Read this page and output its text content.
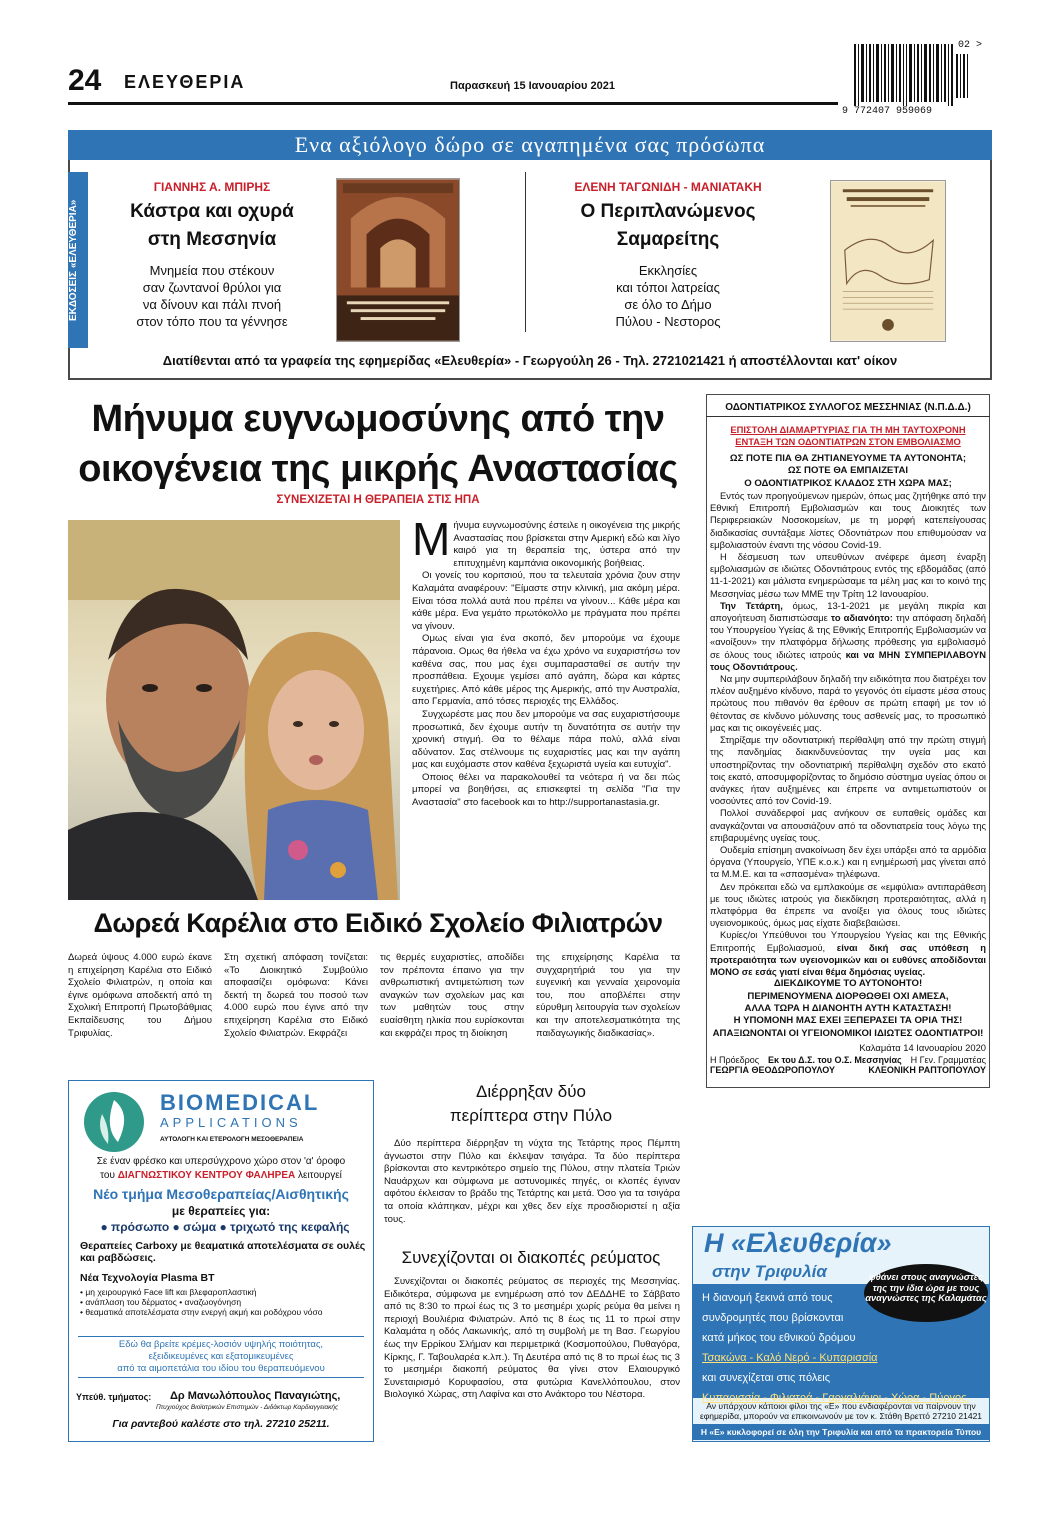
24 ΕΛΕΥΘΕΡΙΑ	Παρασκευή 15 Ιανουαρίου 2021
9 772407 959069
02 >
Ενα αξιόλογο δώρο σε αγαπημένα σας πρόσωπα
ΕΚΔΟΣΕΙΣ «ΕΛΕΥΘΕΡΙΑ»
ΓΙΑΝΝΗΣ Α. ΜΠΙΡΗΣ
Κάστρα και οχυρά
στη Μεσσηνία
Μνημεία που στέκουν
σαν ζωντανοί θρύλοι για
να δίνουν και πάλι πνοή
στον τόπο που τα γέννησε
ΕΛΕΝΗ ΤΑΓΩΝΙΔΗ - ΜΑΝΙΑΤΑΚΗ
Ο Περιπλανώμενος
Σαμαρείτης
Εκκλησίες
και τόποι λατρείας
σε όλο το Δήμο
Πύλου - Νεστορος
Διατίθενται από τα γραφεία της εφημερίδας «Ελευθερία» - Γεωργούλη 26 - Τηλ. 2721021421 ή αποστέλλονται κατ' οίκον
Μήνυμα ευγνωμοσύνης από την
οικογένεια της μικρής Αναστασίας
ΣΥΝΕΧΙΖΕΤΑΙ Η ΘΕΡΑΠΕΙΑ ΣΤΙΣ ΗΠΑ

Μήνυμα ευγνωμοσύνης έστειλε η οικογένεια της μικρής Αναστασίας που βρίσκεται στην Αμερική εδώ και λίγο καιρό για τη θεραπεία της, ύστερα από την επιτυχημένη καμπάνια οικονομικής βοήθειας.

Οι γονείς του κοριτσιού, που τα τελευταία χρόνια ζουν στην Καλαμάτα αναφέρουν: "Είμαστε στην κλινική, μια ακόμη μέρα. Είναι τόσα πολλά αυτά που πρέπει να γίνουν... Κάθε μέρα και κάθε μέρα. Ενα γεμάτο πρωτόκολλο με πράγματα που πρέπει να γίνουν.

Ομως είναι για ένα σκοπό, δεν μπορούμε να έχουμε πάρανοια. Ομως θα ήθελα να έχω χρόνο να ευχαριστήσω τον καθένα σας, που μας έχει συμπαρασταθεί σε αυτήν την προσπάθεια. Εχουμε γεμίσει από αγάπη, δώρα και κάρτες ευχετήριες. Από κάθε μέρος της Αμερικής, από την Αυστραλία, απο Γερμανία, από τόσες περιοχές της Ελλάδος.

Συγχωρέστε μας που δεν μπορούμε να σας ευχαριστήσουμε προσωπικά, δεν έχουμε αυτήν τη δυνατότητα σε αυτήν την χρονική στιγμή. Θα το θέλαμε πάρα πολύ, αλλά είναι αδύνατον. Σας στέλνουμε τις ευχαριστίες μας και την αγάπη μας και ευχόμαστε στον καθένα ξεχωριστά υγεία και ευτυχία".

Οποιος θέλει να παρακολουθεί τα νεότερα ή να δει πώς μπορεί να βοηθήσει, ας επισκεφτεί τη σελίδα "Για την Αναστασία" στο facebook και το http://supportanastasia.gr.

Δωρεά Καρέλια στο Ειδικό Σχολείο Φιλιατρών

Δωρεά ύψους 4.000 ευρώ έκανε η επιχείρηση Καρέλια στο Ειδικό Σχολείο Φιλιατρών, η οποία και έγινε ομόφωνα αποδεκτή από τη Σχολική Επιτροπή Πρωτοβάθμιας Εκπαίδευσης του Δήμου Τριφυλίας.

Στη σχετική απόφαση τονίζεται: «Το Διοικητικό Συμβούλιο αποφασίζει ομόφωνα: Κάνει δεκτή τη δωρεά του ποσού των 4.000 ευρώ που έγινε από την επιχείρηση Καρέλια στο Ειδικό Σχολείο Φιλιατρών. Εκφράζει

τις θερμές ευχαριστίες, αποδίδει τον πρέποντα έπαινο για την ανθρωπιστική αντιμετώπιση των αναγκών των σχολείων μας και των μαθητών τους στην ευαίσθητη ηλικία που ευρίσκονται και εκφράζει προς τη διοίκηση

της επιχείρησης Καρέλια τα συγχαρητήριά του για την ευγενική και γενναία χειρονομία του, που αποβλέπει στην εύρυθμη λειτουργία των σχολείων και την αποτελεσματικότητα της παιδαγωγικής διαδικασίας».

BIOMEDICAL
APPLICATIONS
ΑΥΤΟΛΟΓΗ ΚΑΙ ΕΤΕΡΟΛΟΓΗ ΜΕΣΟΘΕΡΑΠΕΙΑ
Σε έναν φρέσκο και υπερσύγχρονο χώρο στον 'α' όροφο
του ΔΙΑΓΝΩΣΤΙΚΟΥ ΚΕΝΤΡΟΥ ΦΑΛΗΡΕΑ λειτουργεί
Νέο τμήμα Μεσοθεραπείας/Αισθητικής
με θεραπείες για:
● πρόσωπο ● σώμα ● τριχωτό της κεφαλής
Θεραπείες Carboxy με θεαματικά αποτελέσματα σε ουλές και ραβδώσεις.
Νέα Τεχνολογία Plasma BT
• μη χειρουργικό Face lift και βλεφαροπλαστική
• ανάπλαση του δέρματος • αναζωογόνηση
• θεαματικά αποτελέσματα στην ενεργή ακμή και ροδόχρου νόσο
Εδώ θα βρείτε κρέμες-λοσιόν υψηλής ποιότητας,
εξειδικευμένες και εξατομικευμένες
από τα αιμοπετάλια του ιδίου του θεραπευόμενου
Υπεύθ. τμήματος: Δρ Μανωλόπουλος Παναγιώτης,
Πτυχιούχος Βιοϊατρικών Επιστημών - Διδάκτωρ Καρδιαγγειακής
Για ραντεβού καλέστε στο τηλ. 27210 25211.
Διέρρηξαν δύο
περίπτερα στην Πύλο

Δύο περίπτερα διέρρηξαν τη νύχτα της Τετάρτης προς Πέμπτη άγνωστοι στην Πύλο και έκλεψαν τσιγάρα. Τα δύο περίπτερα βρίσκονται στο κεντρικότερο σημείο της Πύλου, στην πλατεία Τριών Ναυάρχων και σύμφωνα με αστυνομικές πηγές, οι κλοπές έγιναν αφότου έκλεισαν το βράδυ της Τετάρτης και μετά. Όσο για τα τσιγάρα τα οποία κλάπηκαν, μέχρι και χθες δεν είχε προσδιοριστεί η αξία τους.

Συνεχίζονται οι διακοπές ρεύματος

Συνεχίζονται οι διακοπές ρεύματος σε περιοχές της Μεσσηνίας. Ειδικότερα, σύμφωνα με ενημέρωση από τον ΔΕΔΔΗΕ το Σάββατο από τις 8:30 το πρωί έως τις 3 το μεσημέρι χωρίς ρεύμα θα μείνει η περιοχή Βουλιέρια Φιλιατρών. Από τις 8 έως τις 11 το πρωί στην Καλαμάτα η οδός Λακωνικής, από τη συμβολή με τη Βασ. Γεωργίου έως την Ερρίκου Σλήμαν και περιμετρικά (Κοσμοπούλου, Πυθαγόρα, Κίρκης, Γ. Ταβουλαρέα κ.λπ.). Τη Δευτέρα από τις 8 το πρωί έως τις 3 το μεσημέρι διακοπή ρεύματος θα γίνει στον Ελαιουργικό Συνεταιρισμό Κορυφασίου, στα φυτώρια Κανελλόπουλου, στον Βιολογικό Χώρας, στη Λαφίνα και στο Ανάκτορο του Νέστορα.

ΟΔΟΝΤΙΑΤΡΙΚΟΣ ΣΥΛΛΟΓΟΣ ΜΕΣΣΗΝΙΑΣ (Ν.Π.Δ.Δ.)
ΕΠΙΣΤΟΛΗ ΔΙΑΜΑΡΤΥΡΙΑΣ ΓΙΑ ΤΗ ΜΗ ΤΑΥΤΟΧΡΟΝΗ
ΕΝΤΑΞΗ ΤΩΝ ΟΔΟΝΤΙΑΤΡΩΝ ΣΤΟΝ ΕΜΒΟΛΙΑΣΜΟ
ΩΣ ΠΟΤΕ ΠΙΑ ΘΑ ΖΗΤΙΑΝΕΥΟΥΜΕ ΤΑ ΑΥΤΟΝΟΗΤΑ;
ΩΣ ΠΟΤΕ ΘΑ ΕΜΠΑΙΖΕΤΑΙ
Ο ΟΔΟΝΤΙΑΤΡΙΚΟΣ ΚΛΑΔΟΣ ΣΤΗ ΧΩΡΑ ΜΑΣ;

Εντός των προηγούμενων ημερών, όπως μας ζητήθηκε από την Εθνική Επιτροπή Εμβολιασμών και τους Διοικητές των Περιφερειακών Νοσοκομείων, με τη μορφή κατεπείγουσας διαδικασίας συντάξαμε λίστες Οδοντιάτρων που επιθυμούσαν να εμβολιαστούν έναντι της νόσου Covid-19.

Η δέσμευση των υπευθύνων ανέφερε άμεση έναρξη εμβολιασμών σε ιδιώτες Οδοντιάτρους εντός της εβδομάδας (από 11-1-2021) και μάλιστα ενημερώσαμε τα μέλη μας και το κοινό της Μεσσηνίας μέσω των ΜΜΕ την Τρίτη 12 Ιανουαρίου.

Την Τετάρτη, όμως, 13-1-2021 με μεγάλη πικρία και απογοήτευση διαπιστώσαμε το αδιανόητο: την απόφαση δηλαδή του Υπουργείου Υγείας & της Εθνικής Επιτροπής Εμβολιασμών να «ανοίξουν» την πλατφόρμα δήλωσης πρόθεσης για εμβολιασμό σε όλους τους ιδιώτες ιατρούς και να ΜΗΝ ΣΥΜΠΕΡΙΛΑΒΟΥΝ τους Οδοντιάτρους.

Να μην συμπεριλάβουν δηλαδή την ειδικότητα που διατρέχει τον πλέον αυξημένο κίνδυνο, παρά το γεγονός ότι είμαστε μέσα στους πρώτους που πιθανόν θα έρθουν σε πρώτη επαφή με τον ιό θέτοντας σε κίνδυνο μόλυνσης τους ασθενείς μας, το προσωπικό μας και τις οικογένειές μας.

Στηρίξαμε την οδοντιατρική περίθαλψη από την πρώτη στιγμή της πανδημίας διακινδυνεύοντας την υγεία μας και υποστηρίζοντας την οδοντιατρική περίθαλψη σχεδόν στο εκατό τοις εκατό, αποσυμφορίζοντας το δημόσιο σύστημα υγείας όπου οι ανάγκες ήταν αυξημένες και έπρεπε να αντιμετωπιστούν οι νοσούντες από τον Covid-19.

Πολλοί συνάδερφοί μας ανήκουν σε ευπαθείς ομάδες και αναγκάζονται να απουσιάζουν από τα οδοντιατρεία τους λόγω της επιβαρυμένης υγείας τους.

Ουδεμία επίσημη ανακοίνωση δεν έχει υπάρξει από τα αρμόδια όργανα (Υπουργείο, ΥΠΕ κ.ο.κ.) και η ενημέρωσή μας γίνεται από τα Μ.Μ.Ε. και τα «σπασμένα» τηλέφωνα.

Δεν πρόκειται εδώ να εμπλακούμε σε «εμφύλια» αντιπαράθεση με τους ιδιώτες ιατρούς για διεκδίκηση προτεραιότητας, αλλά η πλατφόρμα θα έπρεπε να ανοίξει για όλους τους ιδιώτες υγειονομικούς, όμως μας είχατε διαβεβαιώσει.

Κυρίες/οι Υπεύθυνοι του Υπουργείου Υγείας και της Εθνικής Επιτροπής Εμβολιασμού, είναι δική σας υπόθεση η προτεραιότητα των υγειονομικών και οι ευθύνες αποδίδονται ΜΟΝΟ σε εσάς γιατί είναι θέμα δημόσιας υγείας.

ΔΙΕΚΔΙΚΟΥΜΕ ΤΟ ΑΥΤΟΝΟΗΤΟ!
ΠΕΡΙΜΕΝΟΥΜΕΝΑ ΔΙΟΡΘΩΘΕΙ ΟΧΙ ΑΜΕΣΑ,
ΑΛΛΑ ΤΩΡΑ Η ΔΙΑΝΟΗΤΗ ΑΥΤΗ ΚΑΤΑΣΤΑΣΗ!
Η ΥΠΟΜΟΝΗ ΜΑΣ ΕΧΕΙ ΞΕΠΕΡΑΣΕΙ ΤΑ ΟΡΙΑ ΤΗΣ!
ΑΠΑΞΙΩΝΟΝΤΑΙ ΟΙ ΥΓΕΙΟΝΟΜΙΚΟΙ ΙΔΙΩΤΕΣ ΟΔΟΝΤΙΑΤΡΟΙ!
Καλαμάτα 14 Ιανουαρίου 2020
Η Πρόεδρος Εκ του Δ.Σ. του Ο.Σ. Μεσσηνίας Η Γεν. Γραμματέας
ΓΕΩΡΓΙΑ ΘΕΟΔΩΡΟΠΟΥΛΟΥ	ΚΛΕΟΝΙΚΗ ΡΑΠΤΟΠΟΥΛΟΥ
Η «Ελευθερία»
στην Τριφυλία
Η διανομή ξεκινά από τους
συνδρομητές που βρίσκονται
κατά μήκος του εθνικού δρόμου
Τσακώνα - Καλό Νερό - Κυπαρισσία
και συνεχίζεται στις πόλεις
Κυπαρισσία - Φιλιατρά - Γαργαλιάνοι - Χώρα - Πύργος.
φθάνει στους αναγνώστες της την ίδια ώρα με τους αναγνώστες της Καλαμάτας
Αν υπάρχουν κάποιοι φίλοι της «Ε» που ενδιαφέρονται να παίρνουν την εφημερίδα, μπορούν να επικοινωνούν με τον κ. Στάθη Βρεττό 27210 21421
Η «Ε» κυκλοφορεί σε όλη την Τριφυλία και από τα πρακτορεία Τύπου
